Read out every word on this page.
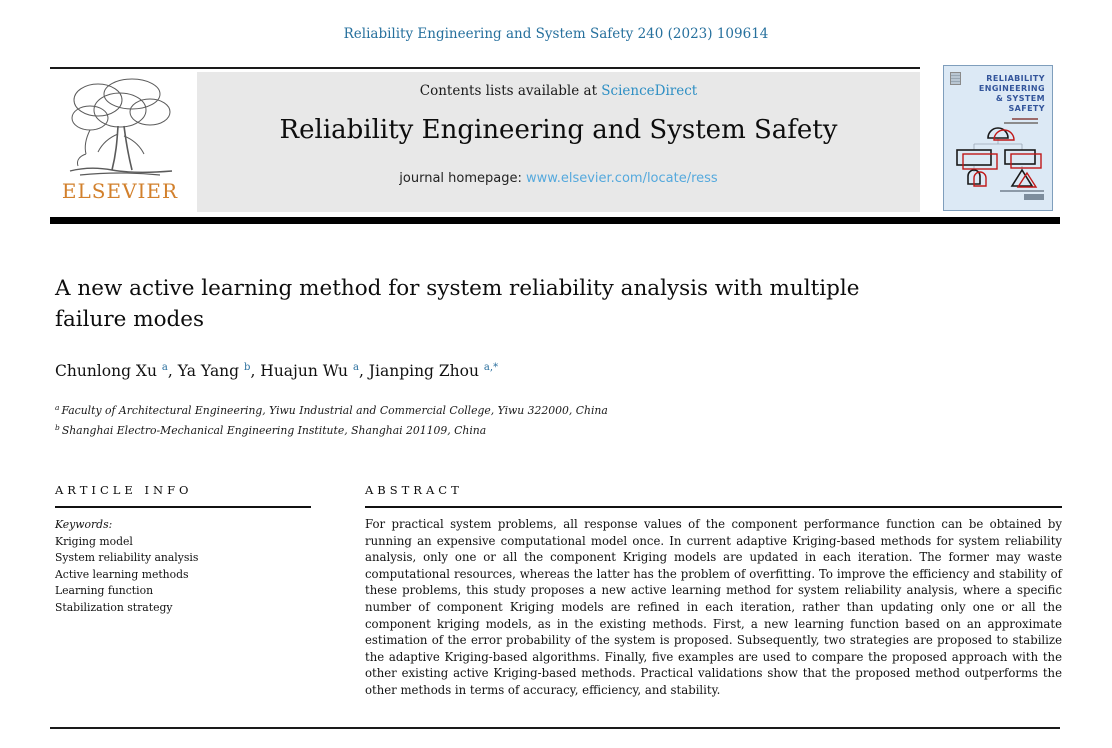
Reliability Engineering and System Safety 240 (2023) 109614
ELSEVIER
Contents lists available at ScienceDirect
Reliability Engineering and System Safety
journal homepage: www.elsevier.com/locate/ress
RELIABILITY
ENGINEERING
& SYSTEM
SAFETY
A new active learning method for system reliability analysis with multiple
failure modes
Chunlong Xu $^a$, Ya Yang $^b$, Huajun Wu $^a$, Jianping Zhou $^{a,*}$
$^a$ Faculty of Architectural Engineering, Yiwu Industrial and Commercial College, Yiwu 322000, China
$^b$ Shanghai Electro-Mechanical Engineering Institute, Shanghai 201109, China
ARTICLE INFO
Keywords:
Kriging model
System reliability analysis
Active learning methods
Learning function
Stabilization strategy
ABSTRACT
For practical system problems, all response values of the component performance function can be obtained by running an expensive computational model once. In current adaptive Kriging-based methods for system reliability analysis, only one or all the component Kriging models are updated in each iteration. The former may waste computational resources, whereas the latter has the problem of overfitting. To improve the efficiency and stability of these problems, this study proposes a new active learning method for system reliability analysis, where a specific number of component Kriging models are refined in each iteration, rather than updating only one or all the component kriging models, as in the existing methods. First, a new learning function based on an approximate estimation of the error probability of the system is proposed. Subsequently, two strategies are proposed to stabilize the adaptive Kriging-based algorithms. Finally, five examples are used to compare the proposed approach with the other existing active Kriging-based methods. Practical validations show that the proposed method outperforms the other methods in terms of accuracy, efficiency, and stability.
